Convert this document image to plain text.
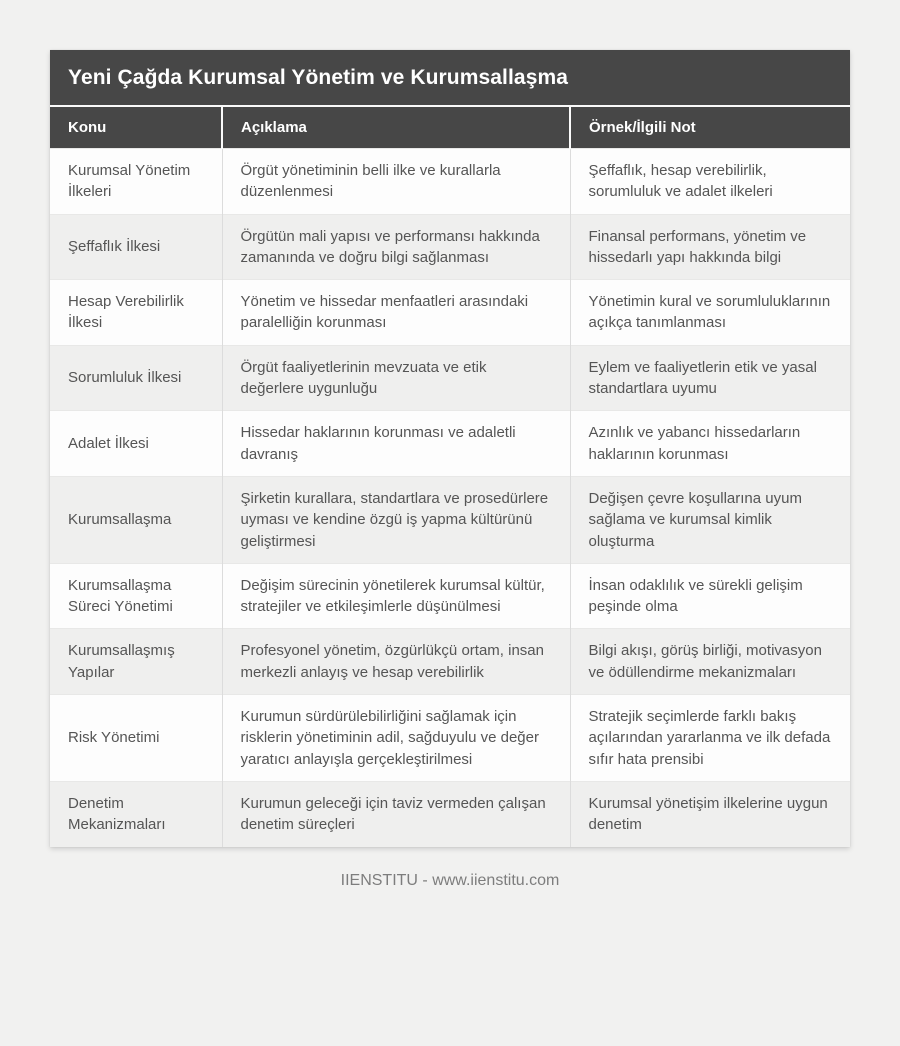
Yeni Çağda Kurumsal Yönetim ve Kurumsallaşma
Konu	Açıklama	Örnek/İlgili Not
Kurumsal Yönetim İlkeleri	Örgüt yönetiminin belli ilke ve kurallarla düzenlenmesi	Şeffaflık, hesap verebilirlik, sorumluluk ve adalet ilkeleri
Şeffaflık İlkesi	Örgütün mali yapısı ve performansı hakkında zamanında ve doğru bilgi sağlanması	Finansal performans, yönetim ve hissedarlı yapı hakkında bilgi
Hesap Verebilirlik İlkesi	Yönetim ve hissedar menfaatleri arasındaki paralelliğin korunması	Yönetimin kural ve sorumluluklarının açıkça tanımlanması
Sorumluluk İlkesi	Örgüt faaliyetlerinin mevzuata ve etik değerlere uygunluğu	Eylem ve faaliyetlerin etik ve yasal standartlara uyumu
Adalet İlkesi	Hissedar haklarının korunması ve adaletli davranış	Azınlık ve yabancı hissedarların haklarının korunması
Kurumsallaşma	Şirketin kurallara, standartlara ve prosedürlere uyması ve kendine özgü iş yapma kültürünü geliştirmesi	Değişen çevre koşullarına uyum sağlama ve kurumsal kimlik oluşturma
Kurumsallaşma Süreci Yönetimi	Değişim sürecinin yönetilerek kurumsal kültür, stratejiler ve etkileşimlerle düşünülmesi	İnsan odaklılık ve sürekli gelişim peşinde olma
Kurumsallaşmış Yapılar	Profesyonel yönetim, özgürlükçü ortam, insan merkezli anlayış ve hesap verebilirlik	Bilgi akışı, görüş birliği, motivasyon ve ödüllendirme mekanizmaları
Risk Yönetimi	Kurumun sürdürülebilirliğini sağlamak için risklerin yönetiminin adil, sağduyulu ve değer yaratıcı anlayışla gerçekleştirilmesi	Stratejik seçimlerde farklı bakış açılarından yararlanma ve ilk defada sıfır hata prensibi
Denetim Mekanizmaları	Kurumun geleceği için taviz vermeden çalışan denetim süreçleri	Kurumsal yönetişim ilkelerine uygun denetim
IIENSTITU - www.iienstitu.com
